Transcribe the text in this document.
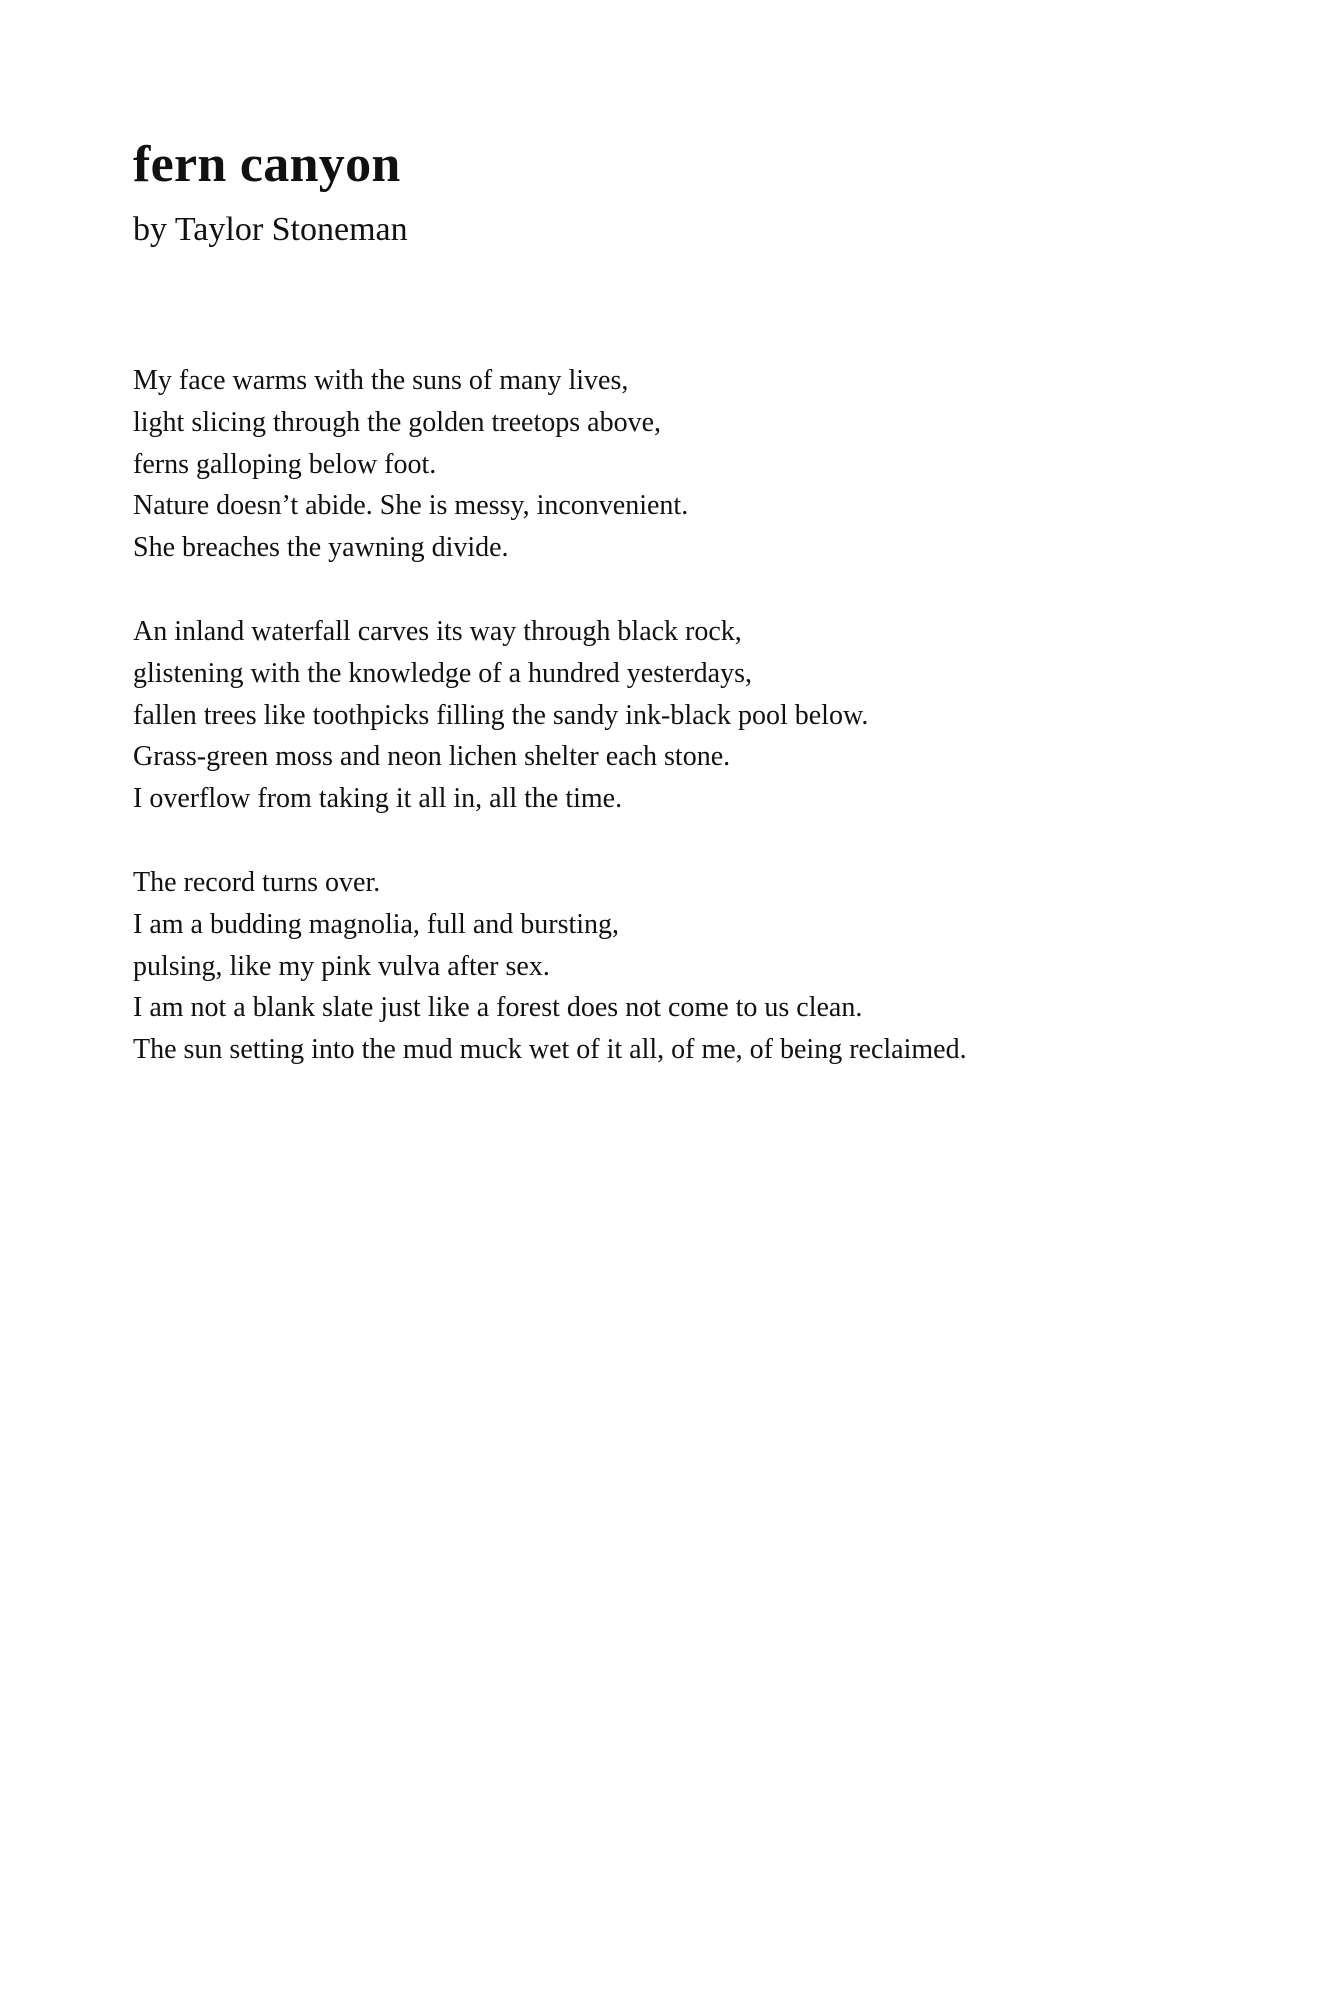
fern canyon

by Taylor Stoneman

My face warms with the suns of many lives,
light slicing through the golden treetops above,
ferns galloping below foot.
Nature doesn’t abide. She is messy, inconvenient.
She breaches the yawning divide.
An inland waterfall carves its way through black rock,
glistening with the knowledge of a hundred yesterdays,
fallen trees like toothpicks filling the sandy ink-black pool below.
Grass-green moss and neon lichen shelter each stone.
I overflow from taking it all in, all the time.
The record turns over.
I am a budding magnolia, full and bursting,
pulsing, like my pink vulva after sex.
I am not a blank slate just like a forest does not come to us clean.
The sun setting into the mud muck wet of it all, of me, of being reclaimed.
